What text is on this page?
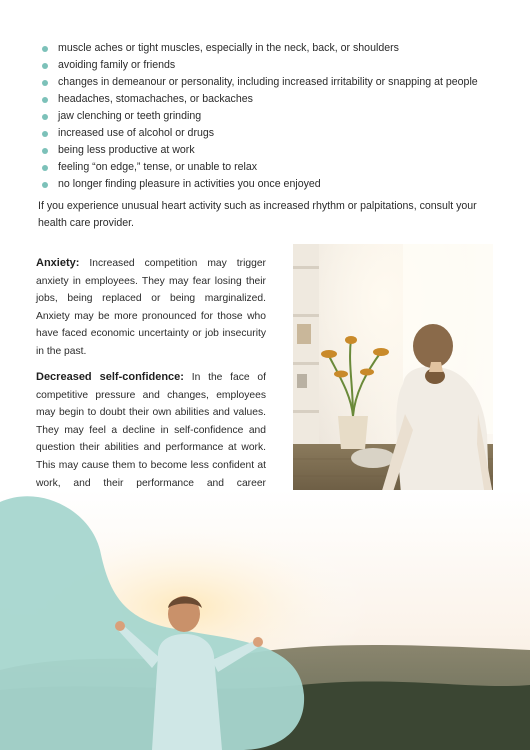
muscle aches or tight muscles, especially in the neck, back, or shoulders
avoiding family or friends
changes in demeanour or personality, including increased irritability or snapping at people
headaches, stomachaches, or backaches
jaw clenching or teeth grinding
increased use of alcohol or drugs
being less productive at work
feeling “on edge,” tense, or unable to relax
no longer finding pleasure in activities you once enjoyed

If you experience unusual heart activity such as increased rhythm or palpitations, consult your health care provider.

Anxiety: Increased competition may trigger anxiety in employees. They may fear losing their jobs, being replaced or being marginalized. Anxiety may be more pronounced for those who have faced economic uncertainty or job insecurity in the past.

Decreased self-confidence: In the face of competitive pressure and changes, employees may begin to doubt their own abilities and values. They may feel a decline in self-confidence and question their abilities and performance at work. This may cause them to become less confident at work, and their performance and career
